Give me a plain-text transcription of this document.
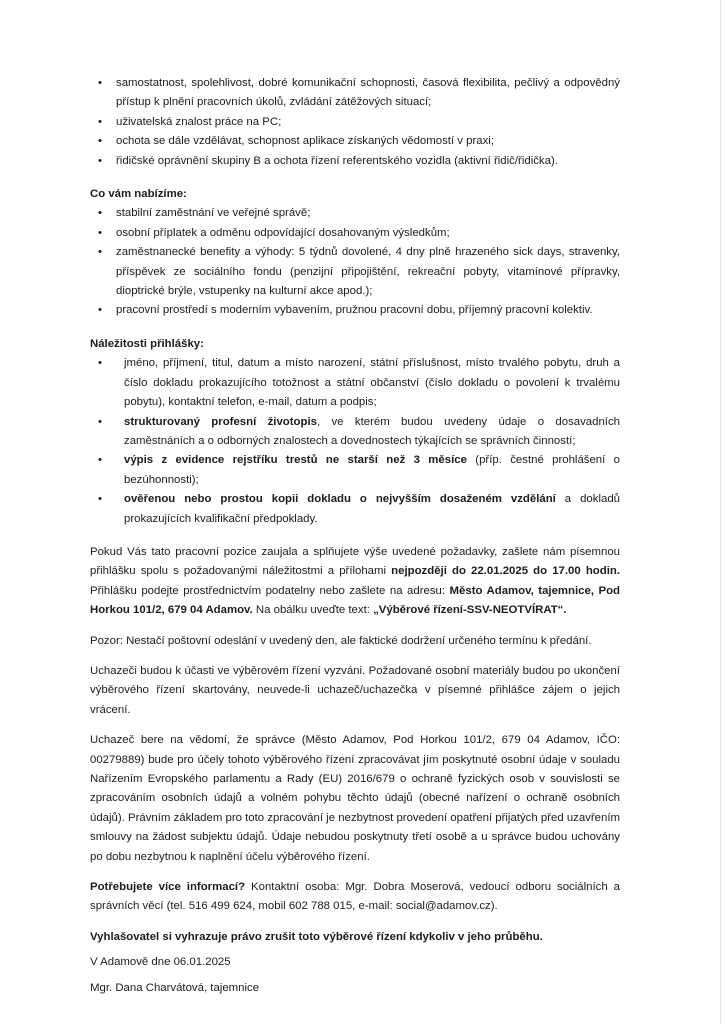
• samostatnost, spolehlivost, dobré komunikační schopnosti, časová flexibilita, pečlivý a odpovědný přístup k plnění pracovních úkolů, zvládání zátěžových situací;
• uživatelská znalost práce na PC;
• ochota se dále vzdělávat, schopnost aplikace získaných vědomostí v praxi;
• řidičské oprávnění skupiny B a ochota řízení referentského vozidla (aktivní řidič/řidička).

Co vám nabízíme:

• stabilní zaměstnání ve veřejné správě;
• osobní příplatek a odměnu odpovídající dosahovaným výsledkům;
• zaměstnanecké benefity a výhody: 5 týdnů dovolené, 4 dny plně hrazeného sick days, stravenky, příspěvek ze sociálního fondu (penzijní připojištění, rekreační pobyty, vitamínové přípravky, dioptrické brýle, vstupenky na kulturní akce apod.);
• pracovní prostředí s moderním vybavením, pružnou pracovní dobu, příjemný pracovní kolektiv.

Náležitosti přihlášky:

• jméno, příjmení, titul, datum a místo narození, státní příslušnost, místo trvalého pobytu, druh a číslo dokladu prokazujícího totožnost a státní občanství (číslo dokladu o povolení k trvalému pobytu), kontaktní telefon, e-mail, datum a podpis;
• strukturovaný profesní životopis, ve kterém budou uvedeny údaje o dosavadních zaměstnáních a o odborných znalostech a dovednostech týkajících se správních činností;
• výpis z evidence rejstříku trestů ne starší než 3 měsíce (příp. čestné prohlášení o bezúhonnosti);
• ověřenou nebo prostou kopii dokladu o nejvyšším dosaženém vzdělání a dokladů prokazujících kvalifikační předpoklady.

Pokud Vás tato pracovní pozice zaujala a splňujete výše uvedené požadavky, zašlete nám písemnou přihlášku spolu s požadovanými náležitostmi a přílohami nejpozději do 22.01.2025 do 17.00 hodin. Přihlášku podejte prostřednictvím podatelny nebo zašlete na adresu: Město Adamov, tajemnice, Pod Horkou 101/2, 679 04 Adamov. Na obálku uveďte text: „Výběrové řízení-SSV-NEOTVÍRAT“.

Pozor: Nestačí poštovní odeslání v uvedený den, ale faktické dodržení určeného termínu k předání.

Uchazeči budou k účasti ve výběrovém řízení vyzváni. Požadované osobní materiály budou po ukončení výběrového řízení skartovány, neuvede-li uchazeč/uchazečka v písemné přihlášce zájem o jejich vrácení.

Uchazeč bere na vědomí, že správce (Město Adamov, Pod Horkou 101/2, 679 04 Adamov, IČO: 00279889) bude pro účely tohoto výběrového řízení zpracovávat jím poskytnuté osobní údaje v souladu Nařízením Evropského parlamentu a Rady (EU) 2016/679 o ochraně fyzických osob v souvislosti se zpracováním osobních údajů a volném pohybu těchto údajů (obecné nařízení o ochraně osobních údajů). Právním základem pro toto zpracování je nezbytnost provedení opatření přijatých před uzavřením smlouvy na žádost subjektu údajů. Údaje nebudou poskytnuty třetí osobě a u správce budou uchovány po dobu nezbytnou k naplnění účelu výběrového řízení.

Potřebujete více informací? Kontaktní osoba: Mgr. Dobra Moserová, vedoucí odboru sociálních a správních věcí (tel. 516 499 624, mobil 602 788 015, e-mail: social@adamov.cz).

Vyhlašovatel si vyhrazuje právo zrušit toto výběrové řízení kdykoliv v jeho průběhu.

V Adamově dne 06.01.2025

Mgr. Dana Charvátová, tajemnice
